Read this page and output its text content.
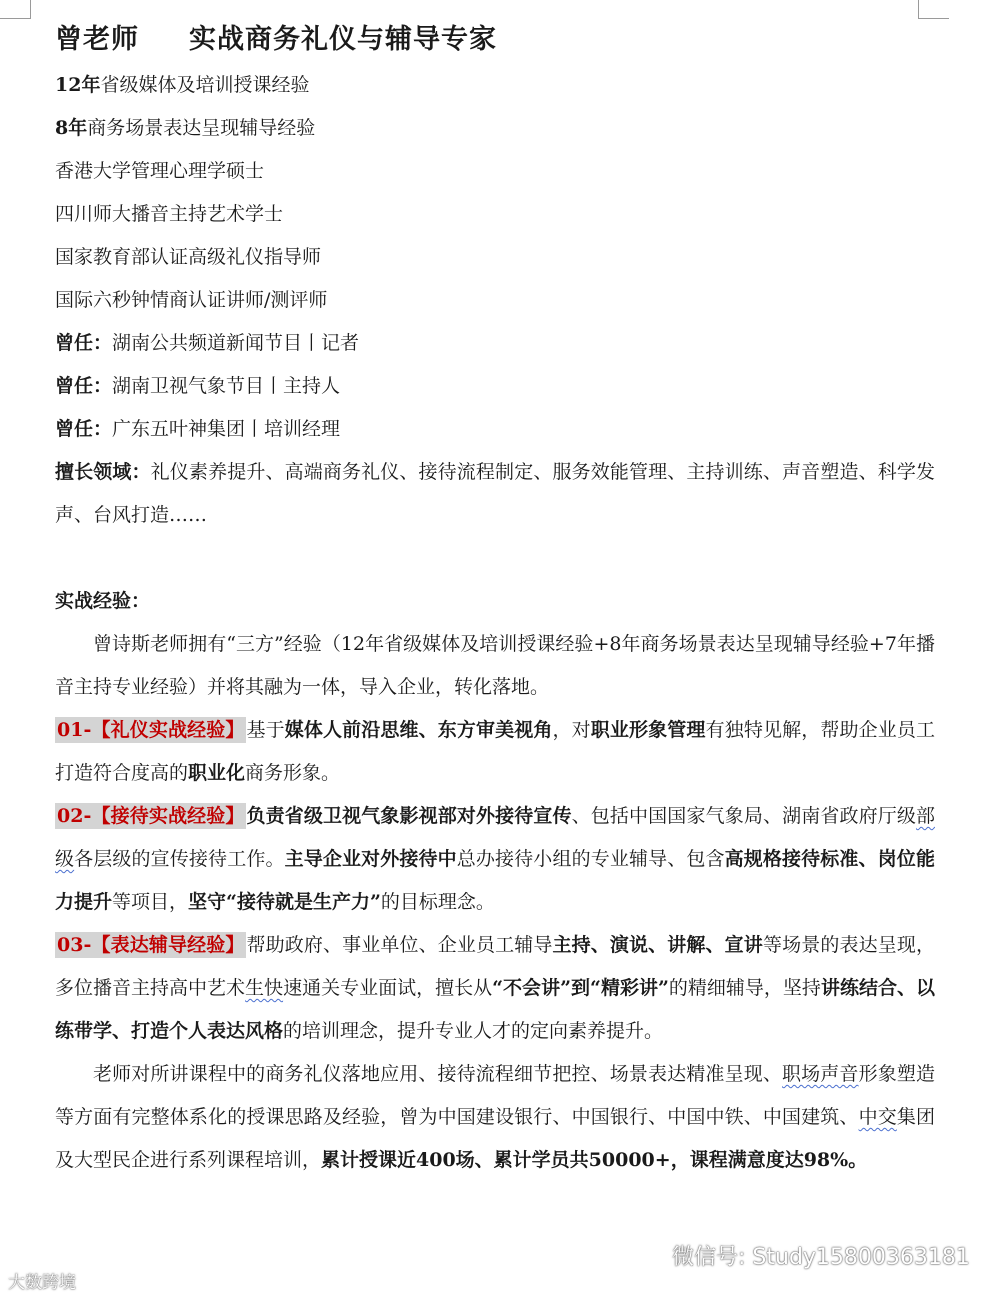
曾老师 实战商务礼仪与辅导专家
12年省级媒体及培训授课经验
8年商务场景表达呈现辅导经验
香港大学管理心理学硕士
四川师大播音主持艺术学士
国家教育部认证高级礼仪指导师
国际六秒钟情商认证讲师/测评师
曾任：湖南公共频道新闻节目丨记者
曾任：湖南卫视气象节目丨主持人
曾任：广东五叶神集团丨培训经理
擅长领域：礼仪素养提升、高端商务礼仪、接待流程制定、服务效能管理、主持训练、声音塑造、科学发声、台风打造……
实战经验：
曾诗斯老师拥有“三方”经验（12年省级媒体及培训授课经验+8年商务场景表达呈现辅导经验+7年播音主持专业经验）并将其融为一体，导入企业，转化落地。
01-【礼仪实战经验】 基于媒体人前沿思维、东方审美视角，对职业形象管理有独特见解，帮助企业员工打造符合度高的职业化商务形象。
02-【接待实战经验】 负责省级卫视气象影视部对外接待宣传、包括中国国家气象局、湖南省政府厅级部级各层级的宣传接待工作。主导企业对外接待中总办接待小组的专业辅导、包含高规格接待标准、岗位能力提升等项目，坚守“接待就是生产力”的目标理念。
03-【表达辅导经验】 帮助政府、事业单位、企业员工辅导主持、演说、讲解、宣讲等场景的表达呈现，多位播音主持高中艺术生快速通关专业面试，擅长从“不会讲”到“精彩讲”的精细辅导，坚持讲练结合、以练带学、打造个人表达风格的培训理念，提升专业人才的定向素养提升。
老师对所讲课程中的商务礼仪落地应用、接待流程细节把控、场景表达精准呈现、职场声音形象塑造等方面有完整体系化的授课思路及经验，曾为中国建设银行、中国银行、中国中铁、中国建筑、中交集团及大型民企进行系列课程培训，累计授课近400场、累计学员共50000+，课程满意度达98%。
大数跨境
微信号: Study15800363181
